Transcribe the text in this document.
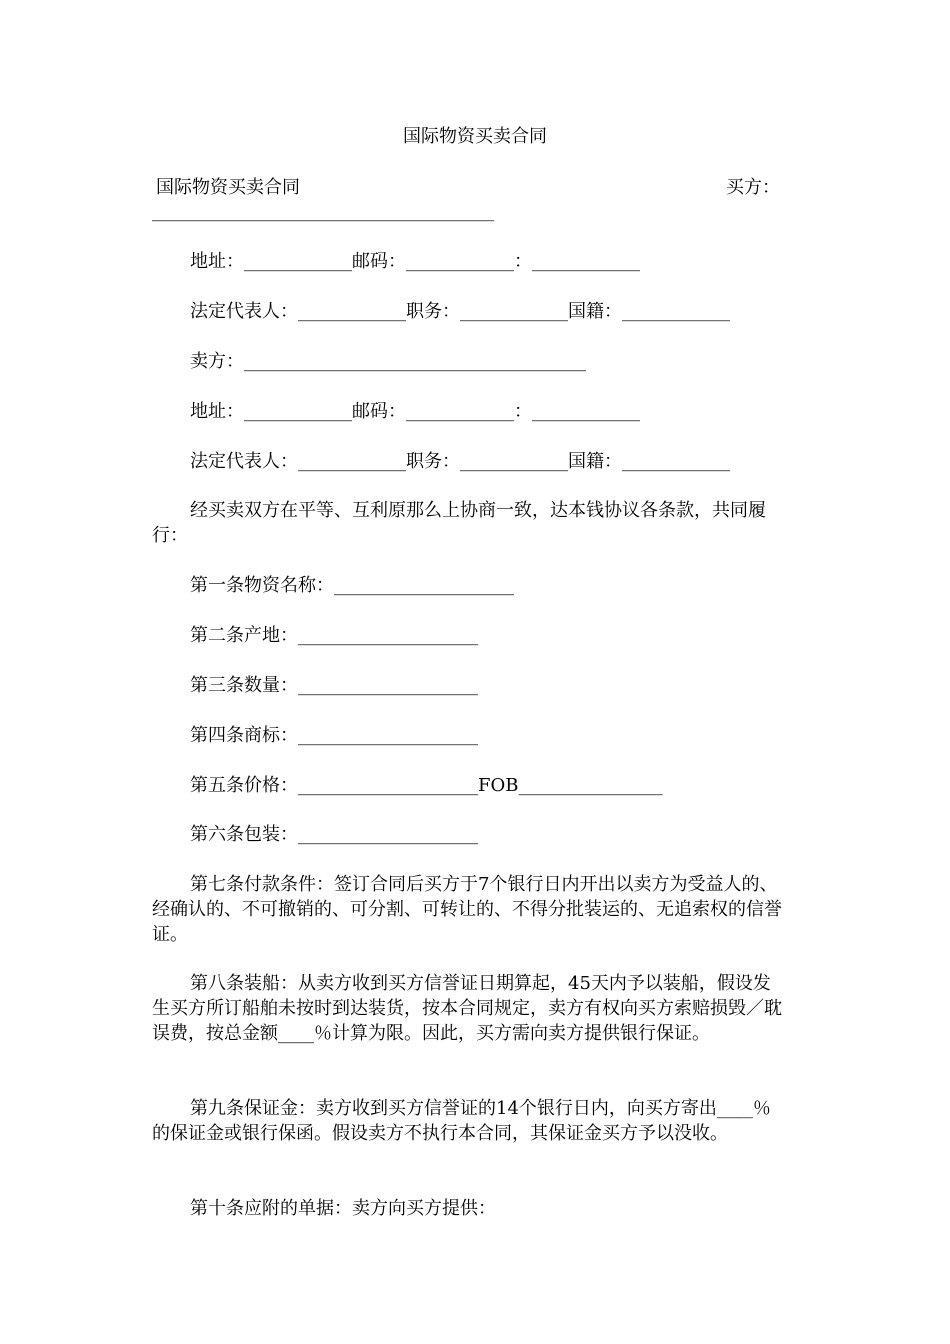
国际物资买卖合同
国际物资买卖合同	买方：
______________________________________
地址：____________邮码：____________：____________
法定代表人：____________职务：____________国籍：____________
卖方：______________________________________
地址：____________邮码：____________：____________
法定代表人：____________职务：____________国籍：____________

经买卖双方在平等、互利原那么上协商一致，达本钱协议各条款，共同履行：

第一条物资名称：____________________
第二条产地：____________________
第三条数量：____________________
第四条商标：____________________
第五条价格：____________________FOB________________
第六条包装：____________________

第七条付款条件：签订合同后买方于7个银行日内开出以卖方为受益人的、经确认的、不可撤销的、可分割、可转让的、不得分批装运的、无追索权的信誉证。

第八条装船：从卖方收到买方信誉证日期算起，45天内予以装船，假设发生买方所订船舶未按时到达装货，按本合同规定，卖方有权向买方索赔损毁／耽误费，按总金额____％计算为限。因此，买方需向卖方提供银行保证。

第九条保证金：卖方收到买方信誉证的14个银行日内，向买方寄出____％的保证金或银行保函。假设卖方不执行本合同，其保证金买方予以没收。

第十条应附的单据：卖方向买方提供：
